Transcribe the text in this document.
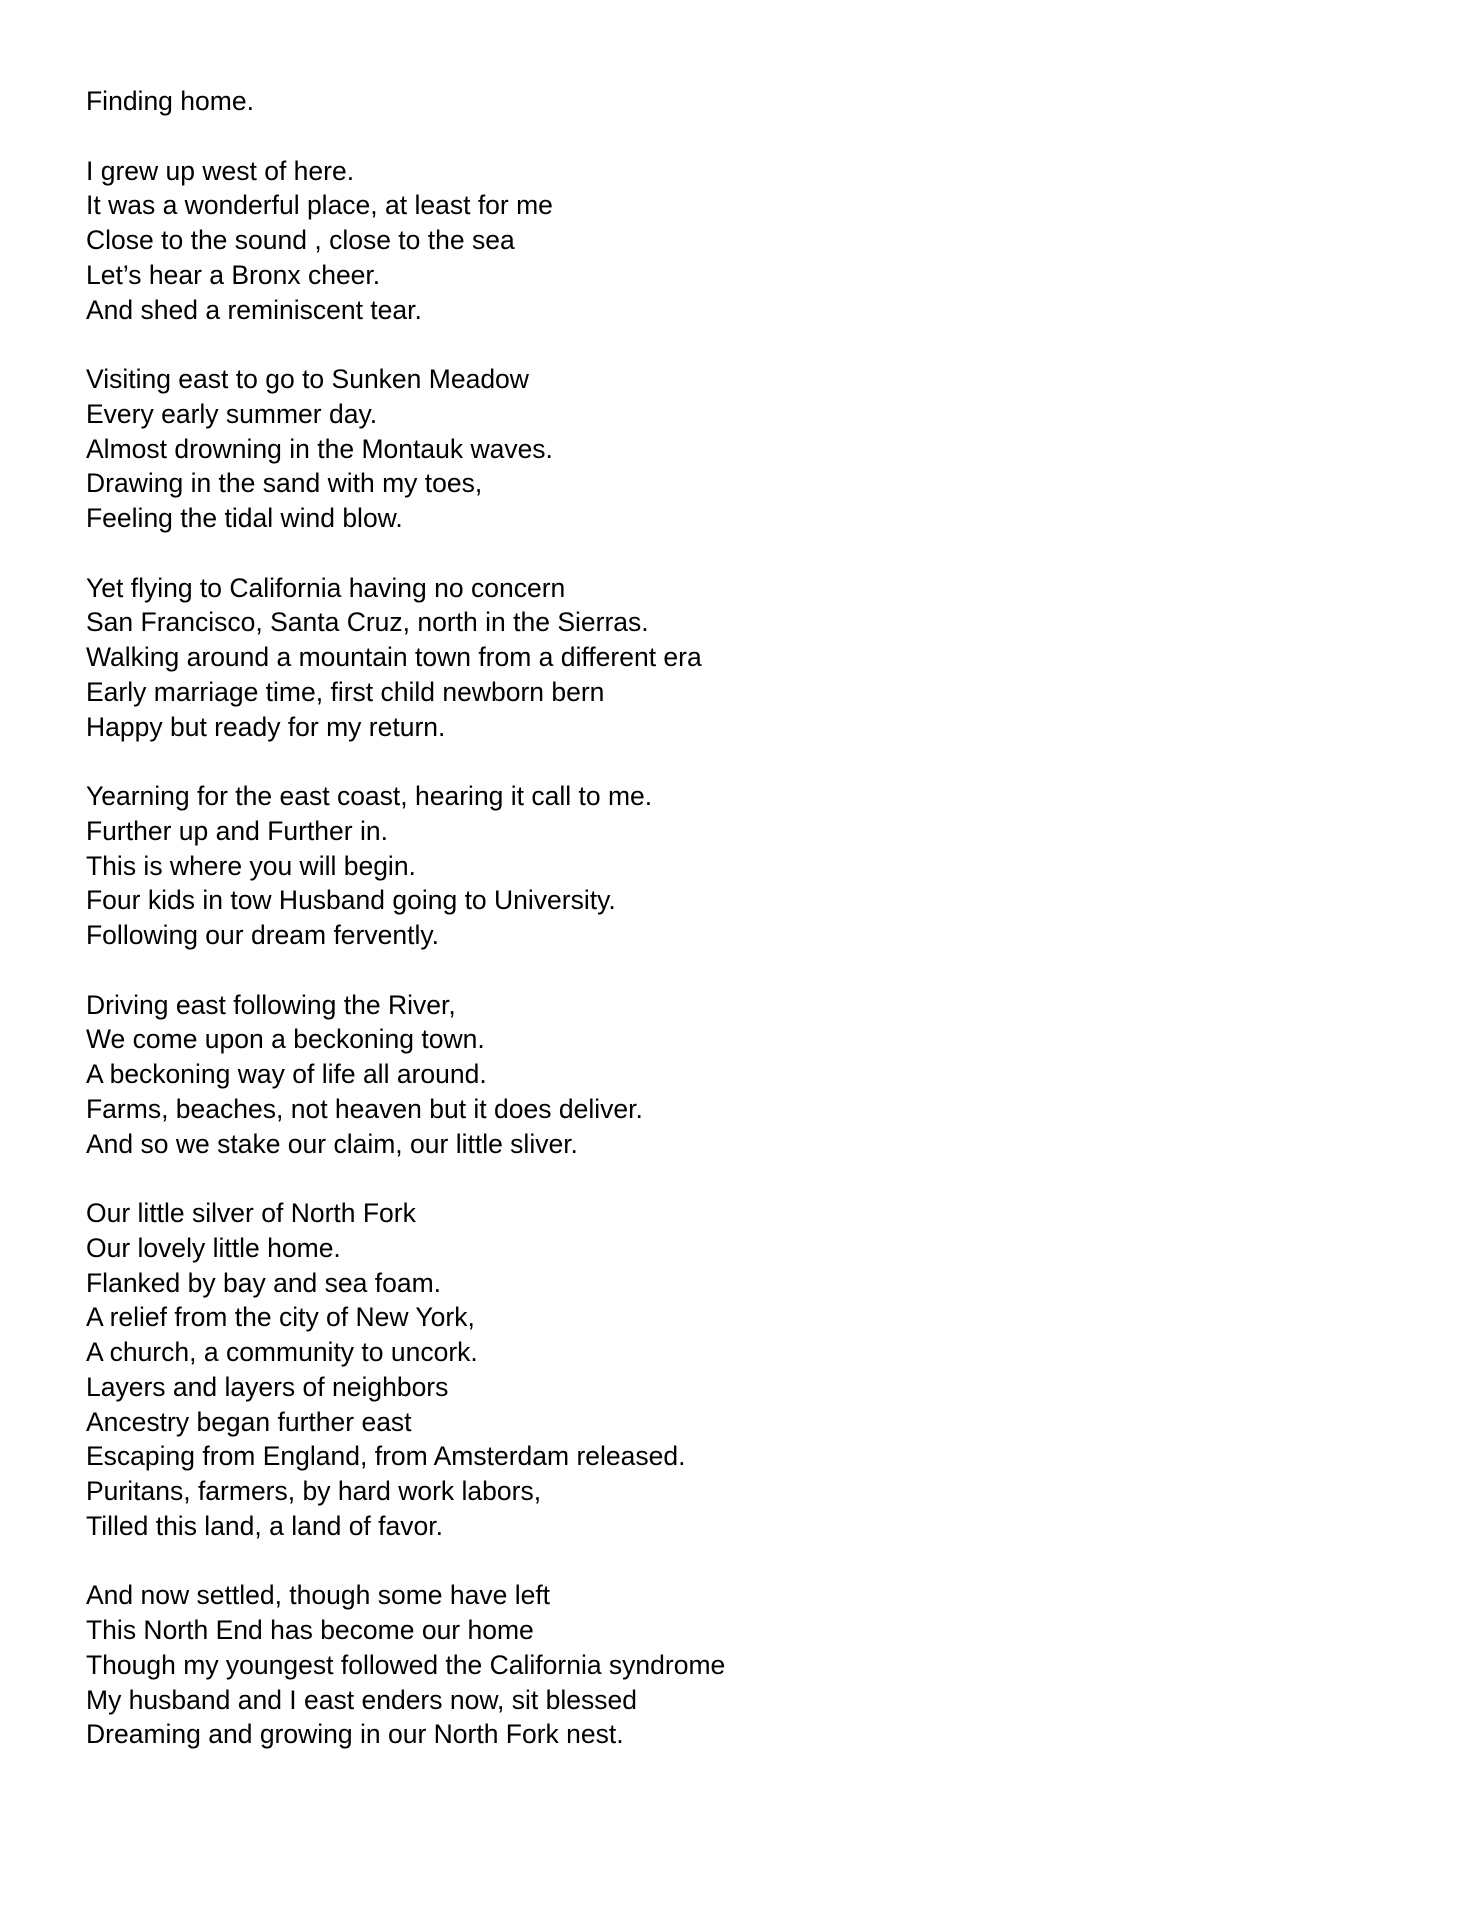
Finding home.
I grew up west of here.
It was a wonderful place, at least for me
Close to the sound , close to the sea
Let’s hear a Bronx cheer.
And shed a reminiscent tear.
Visiting east to go to Sunken Meadow
Every early summer day.
Almost drowning in the Montauk waves.
Drawing in the sand with my toes,
Feeling the tidal wind blow.
Yet flying to California having no concern
San Francisco, Santa Cruz, north in the Sierras.
Walking around a mountain town from a different era
Early marriage time, first child newborn bern
Happy but ready for my return.
Yearning for the east coast, hearing it call to me.
Further up and Further in.
This is where you will begin.
Four kids in tow Husband going to University.
Following our dream fervently.
Driving east following the River,
We come upon a beckoning town.
A beckoning way of life all around.
Farms, beaches, not heaven but it does deliver.
And so we stake our claim, our little sliver.
Our little silver of North Fork
Our lovely little home.
Flanked by bay and sea foam.
A relief from the city of New York,
A church, a community to uncork.
Layers and layers of neighbors
Ancestry began further east
Escaping from England, from Amsterdam released.
Puritans, farmers, by hard work labors,
Tilled this land, a land of favor.
And now settled, though some have left
This North End has become our home
Though my youngest followed the California syndrome
My husband and I east enders now, sit blessed
Dreaming and growing in our North Fork nest.
